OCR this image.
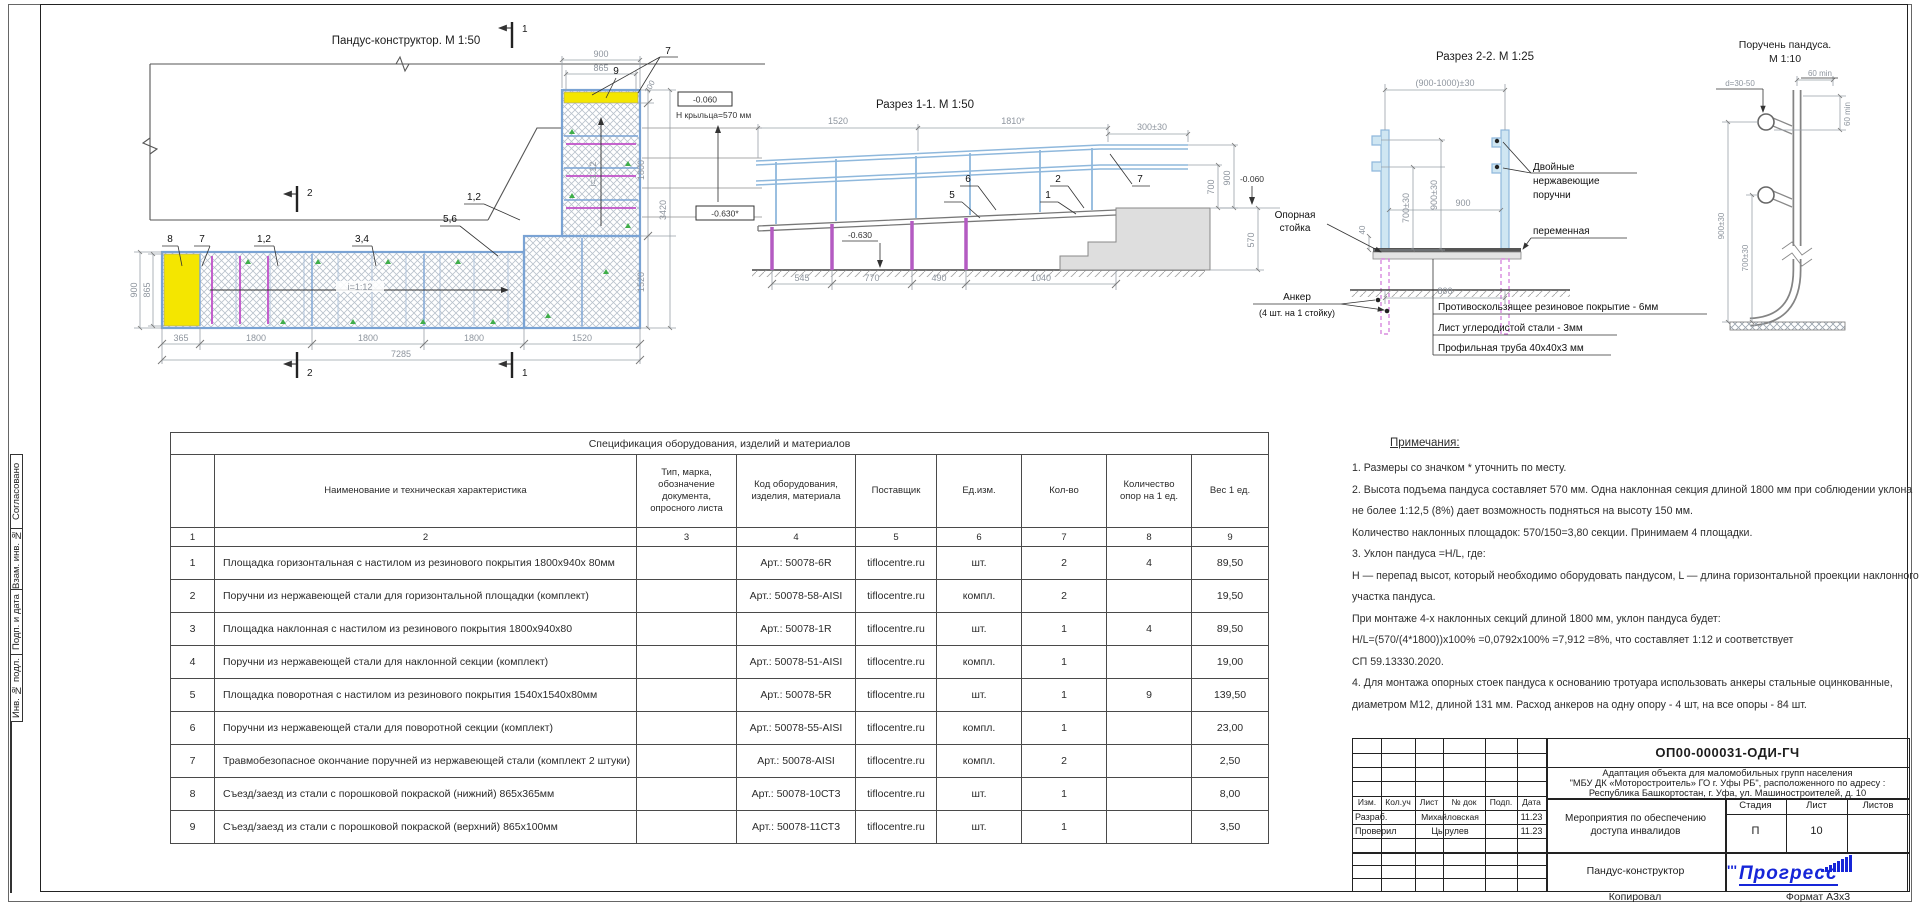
Пандус-конструктор. М 1:50
i=1:12
i=1:12
900 865
900
865
100
1800
1520
3420
365	1800	1800	1800	1520
7285
-0.060
Н крыльца=570 мм
-0.630*
7
9
1,2
5,6
8	7	1,2	3,4
1
1
2
2
Разрез 1-1. М 1:50
1520	1810*
300±30
700
900 -0.060
570
-0.630
545	770	490	1040
5
6
1
2	7
Разрез 2-2. М 1:25
(900-1000)±30
700±30 900±30 900
40
800
Опорная
стойка
Анкер
(4 шт. на 1 стойку)
Двойные
нержавеющие
поручни
переменная
Противоскользящее резиновое покрытие - 6мм
Лист углеродистой стали - 3мм
Профильная труба 40х40х3 мм
Поручень пандуса.
М 1:10
60 min
d=30-50
60 min
900±30
700±30
Спецификация оборудования, изделий и материалов								
	Наименование и техническая характеристика	Тип, марка, обозначение документа, опросного листа	Код оборудования, изделия, материала	Поставщик	Ед.изм.	Кол-во	Количество опор на 1 ед.	Вес 1 ед.
1	2	3	4	5	6	7	8	9
1	Площадка горизонтальная с настилом из резинового покрытия 1800х940х 80мм		Арт.: 50078-6R	tiflocentre.ru	шт.	2	4	89,50
2	Поручни из нержавеющей стали для горизонтальной площадки (комплект)		Арт.: 50078-58-AISI	tiflocentre.ru	компл.	2		19,50
3	Площадка наклонная с настилом из резинового покрытия 1800х940х80		Арт.: 50078-1R	tiflocentre.ru	шт.	1	4	89,50
4	Поручни из нержавеющей стали для наклонной секции (комплект)		Арт.: 50078-51-AISI	tiflocentre.ru	компл.	1		19,00
5	Площадка поворотная с настилом из резинового покрытия 1540х1540х80мм		Арт.: 50078-5R	tiflocentre.ru	шт.	1	9	139,50
6	Поручни из нержавеющей стали для поворотной секции (комплект)		Арт.: 50078-55-AISI	tiflocentre.ru	компл.	1		23,00
7	Травмобезопасное окончание поручней из нержавеющей стали (комплект 2 штуки)		Арт.: 50078-AISI	tiflocentre.ru	компл.	2		2,50
8	Съезд/заезд из стали с порошковой покраской (нижний) 865х365мм		Арт.: 50078-10СТ3	tiflocentre.ru	шт.	1		8,00
9	Съезд/заезд из стали с порошковой покраской (верхний) 865х100мм		Арт.: 50078-11СТ3	tiflocentre.ru	шт.	1		3,50
Примечания:
1. Размеры со значком * уточнить по месту.
2. Высота подъема пандуса составляет 570 мм. Одна наклонная секция длиной 1800 мм при соблюдении уклона
не более 1:12,5 (8%) дает возможность подняться на высоту 150 мм.
Количество наклонных площадок: 570/150=3,80 секции. Принимаем 4 площадки.
3. Уклон пандуса =Н/L, где:
Н — перепад высот, который необходимо оборудовать пандусом, L — длина горизонтальной проекции наклонного
участка пандуса.
При монтаже 4-х наклонных секций длиной 1800 мм, уклон пандуса будет:
H/L=(570/(4*1800))х100% =0,0792х100% =7,912 =8%, что составляет 1:12 и соответствует
СП 59.13330.2020.
4. Для монтажа опорных стоек пандуса к основанию тротуара использовать анкеры стальные оцинкованные,
диаметром М12, длиной 131 мм. Расход анкеров на одну опору - 4 шт, на все опоры - 84 шт.
ОП00-000031-ОДИ-ГЧ
Адаптация объекта для маломобильных групп населения
"МБУ ДК «Моторостроитель» ГО г. Уфы РБ", расположенного по адресу :
Республика Башкортостан, г. Уфа, ул. Машиностроителей, д. 10
Изм.	Кол.уч	Лист	№ док	Подп.	Дата
Разраб.	Михайловская	11.23
Проверил	Цырулев	11.23
Мероприятия по обеспечению
доступа инвалидов
Стадия	Лист	Листов
П	10
Пандус-конструктор	''' Прогресс
Согласовано
Взам. инв. №
Подп. и дата
Инв. № подл.
Копировал	Формат А3х3
